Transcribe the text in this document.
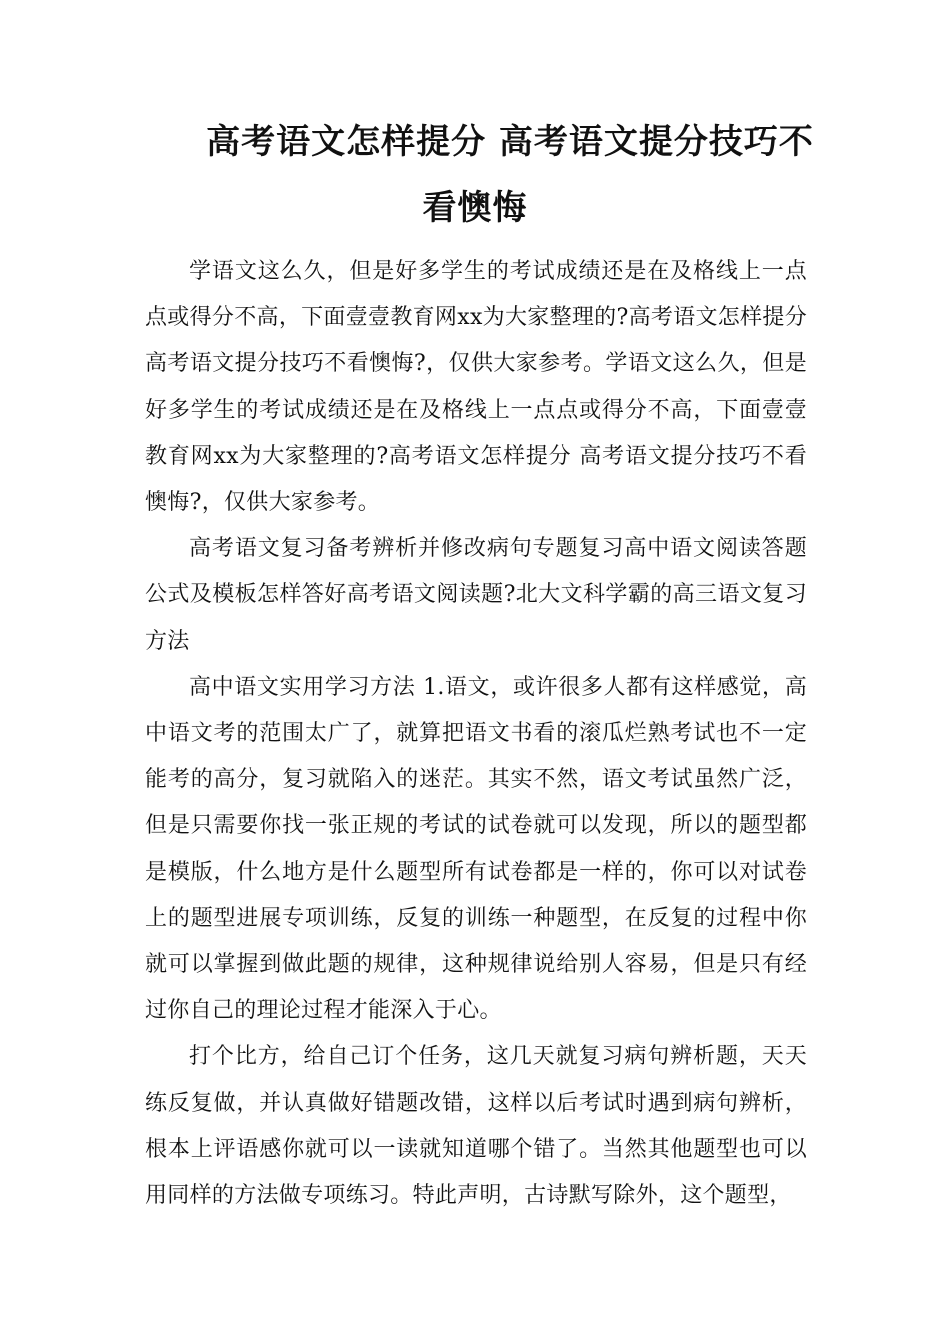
高考语文怎样提分 高考语文提分技巧不
看懊悔

学语文这么久，但是好多学生的考试成绩还是在及格线上一点点或得分不高，下面壹壹教育网xx为大家整理的?高考语文怎样提分 高考语文提分技巧不看懊悔?，仅供大家参考。学语文这么久，但是好多学生的考试成绩还是在及格线上一点点或得分不高，下面壹壹教育网xx为大家整理的?高考语文怎样提分 高考语文提分技巧不看懊悔?，仅供大家参考。

高考语文复习备考辨析并修改病句专题复习高中语文阅读答题公式及模板怎样答好高考语文阅读题?北大文科学霸的高三语文复习方法

高中语文实用学习方法 1.语文，或许很多人都有这样感觉，高中语文考的范围太广了，就算把语文书看的滚瓜烂熟考试也不一定能考的高分，复习就陷入的迷茫。其实不然，语文考试虽然广泛，但是只需要你找一张正规的考试的试卷就可以发现，所以的题型都是模版，什么地方是什么题型所有试卷都是一样的，你可以对试卷上的题型进展专项训练，反复的训练一种题型，在反复的过程中你就可以掌握到做此题的规律，这种规律说给别人容易，但是只有经过你自己的理论过程才能深入于心。

打个比方，给自己订个任务，这几天就复习病句辨析题，天天练反复做，并认真做好错题改错，这样以后考试时遇到病句辨析，根本上评语感你就可以一读就知道哪个错了。当然其他题型也可以用同样的方法做专项练习。特此声明，古诗默写除外，这个题型，
